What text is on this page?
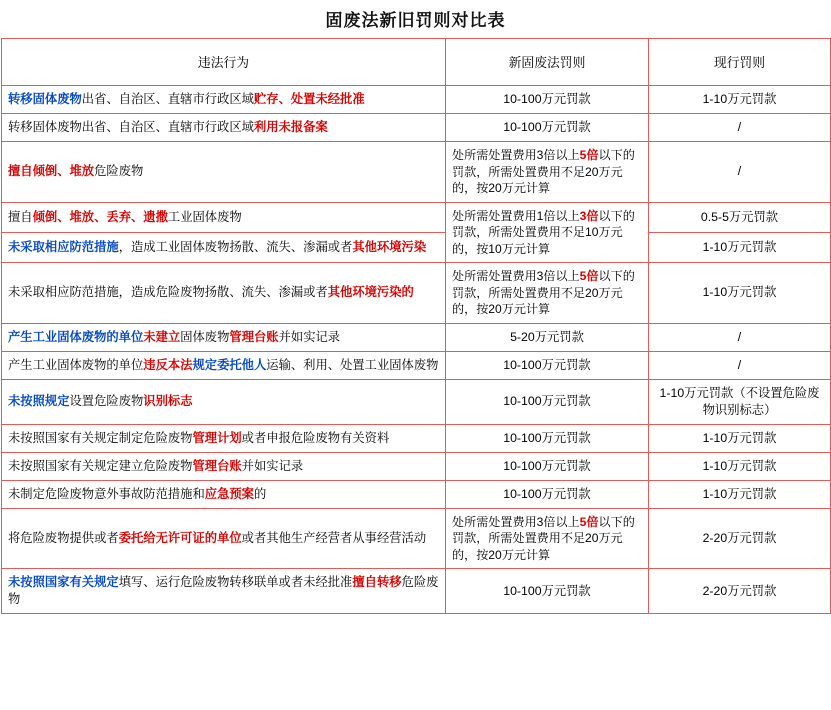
固废法新旧罚则对比表
违法行为	新固废法罚则	现行罚则
转移固体废物出省、自治区、直辖市行政区域贮存、处置未经批准	10-100万元罚款	1-10万元罚款
转移固体废物出省、自治区、直辖市行政区域利用未报备案	10-100万元罚款	/
擅自倾倒、堆放危险废物	处所需处置费用3倍以上5倍以下的罚款，所需处置费用不足20万元的，按20万元计算	/
擅自倾倒、堆放、丢弃、遗撒工业固体废物	处所需处置费用1倍以上3倍以下的罚款，所需处置费用不足10万元的，按10万元计算	0.5-5万元罚款
未采取相应防范措施，造成工业固体废物扬散、流失、渗漏或者其他环境污染		1-10万元罚款
未采取相应防范措施，造成危险废物扬散、流失、渗漏或者其他环境污染的	处所需处置费用3倍以上5倍以下的罚款，所需处置费用不足20万元的，按20万元计算	1-10万元罚款
产生工业固体废物的单位未建立固体废物管理台账并如实记录	5-20万元罚款	/
产生工业固体废物的单位违反本法规定委托他人运输、利用、处置工业固体废物	10-100万元罚款	/
未按照规定设置危险废物识别标志	10-100万元罚款	1-10万元罚款（不设置危险废物识别标志）
未按照国家有关规定制定危险废物管理计划或者申报危险废物有关资料	10-100万元罚款	1-10万元罚款
未按照国家有关规定建立危险废物管理台账并如实记录	10-100万元罚款	1-10万元罚款
未制定危险废物意外事故防范措施和应急预案的	10-100万元罚款	1-10万元罚款
将危险废物提供或者委托给无许可证的单位或者其他生产经营者从事经营活动	处所需处置费用3倍以上5倍以下的罚款，所需处置费用不足20万元的，按20万元计算	2-20万元罚款
未按照国家有关规定填写、运行危险废物转移联单或者未经批准擅自转移危险废物	10-100万元罚款	2-20万元罚款
